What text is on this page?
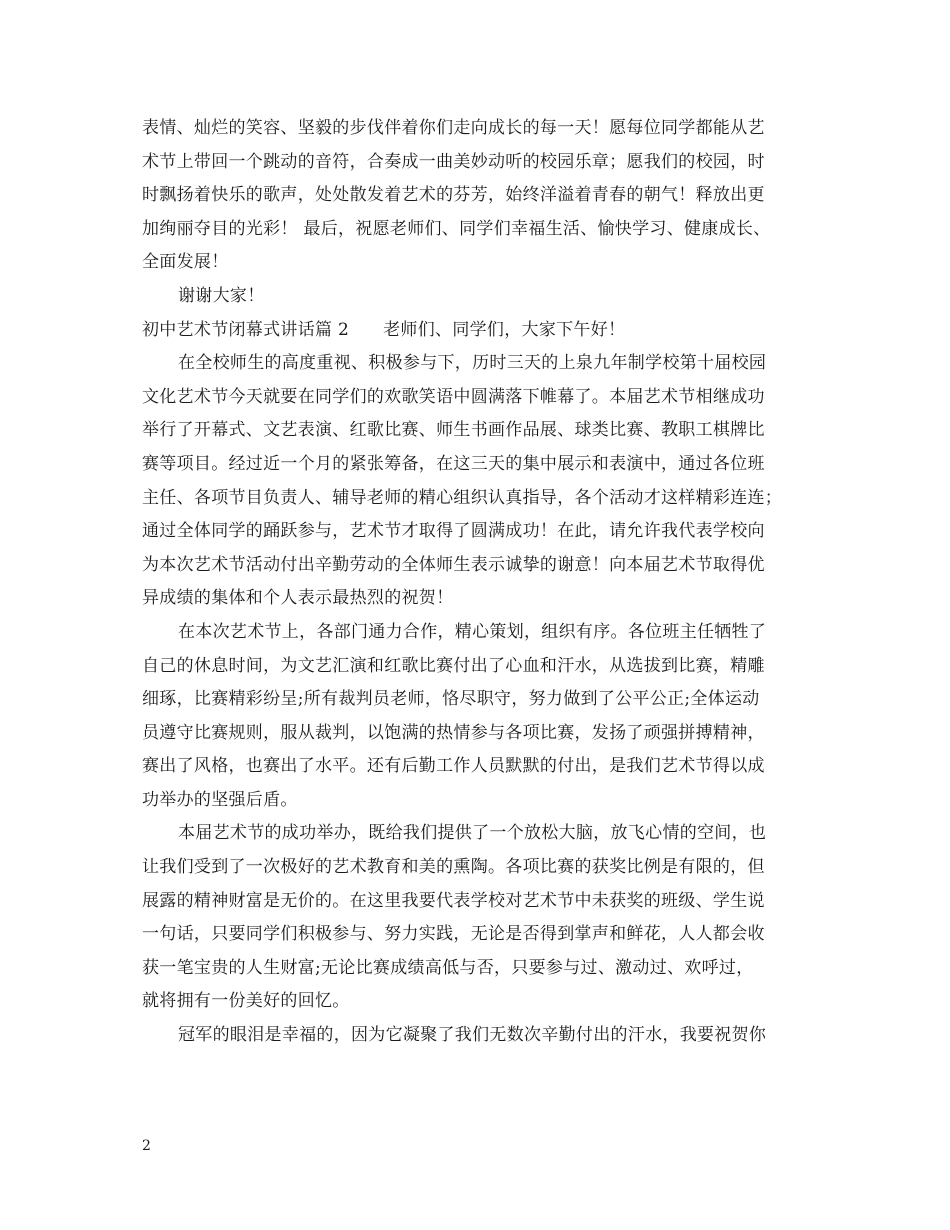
表情、灿烂的笑容、坚毅的步伐伴着你们走向成长的每一天！愿每位同学都能从艺
术节上带回一个跳动的音符，合奏成一曲美妙动听的校园乐章；愿我们的校园，时
时飘扬着快乐的歌声，处处散发着艺术的芬芳，始终洋溢着青春的朝气！释放出更
加绚丽夺目的光彩！ 最后，祝愿老师们、同学们幸福生活、愉快学习、健康成长、
全面发展！
谢谢大家！
初中艺术节闭幕式讲话篇 2 老师们、同学们，大家下午好！
在全校师生的高度重视、积极参与下，历时三天的上泉九年制学校第十届校园
文化艺术节今天就要在同学们的欢歌笑语中圆满落下帷幕了。本届艺术节相继成功
举行了开幕式、文艺表演、红歌比赛、师生书画作品展、球类比赛、教职工棋牌比
赛等项目。经过近一个月的紧张筹备，在这三天的集中展示和表演中，通过各位班
主任、各项节目负责人、辅导老师的精心组织认真指导，各个活动才这样精彩连连；
通过全体同学的踊跃参与，艺术节才取得了圆满成功！在此，请允许我代表学校向
为本次艺术节活动付出辛勤劳动的全体师生表示诚挚的谢意！向本届艺术节取得优
异成绩的集体和个人表示最热烈的祝贺！
在本次艺术节上，各部门通力合作，精心策划，组织有序。各位班主任牺牲了
自己的休息时间，为文艺汇演和红歌比赛付出了心血和汗水，从选拔到比赛，精雕
细琢，比赛精彩纷呈;所有裁判员老师，恪尽职守，努力做到了公平公正;全体运动
员遵守比赛规则，服从裁判，以饱满的热情参与各项比赛，发扬了顽强拼搏精神，
赛出了风格，也赛出了水平。还有后勤工作人员默默的付出，是我们艺术节得以成
功举办的坚强后盾。
本届艺术节的成功举办，既给我们提供了一个放松大脑，放飞心情的空间，也
让我们受到了一次极好的艺术教育和美的熏陶。各项比赛的获奖比例是有限的，但
展露的精神财富是无价的。在这里我要代表学校对艺术节中未获奖的班级、学生说
一句话，只要同学们积极参与、努力实践，无论是否得到掌声和鲜花，人人都会收
获一笔宝贵的人生财富;无论比赛成绩高低与否，只要参与过、激动过、欢呼过，
就将拥有一份美好的回忆。
冠军的眼泪是幸福的，因为它凝聚了我们无数次辛勤付出的汗水，我要祝贺你
2
